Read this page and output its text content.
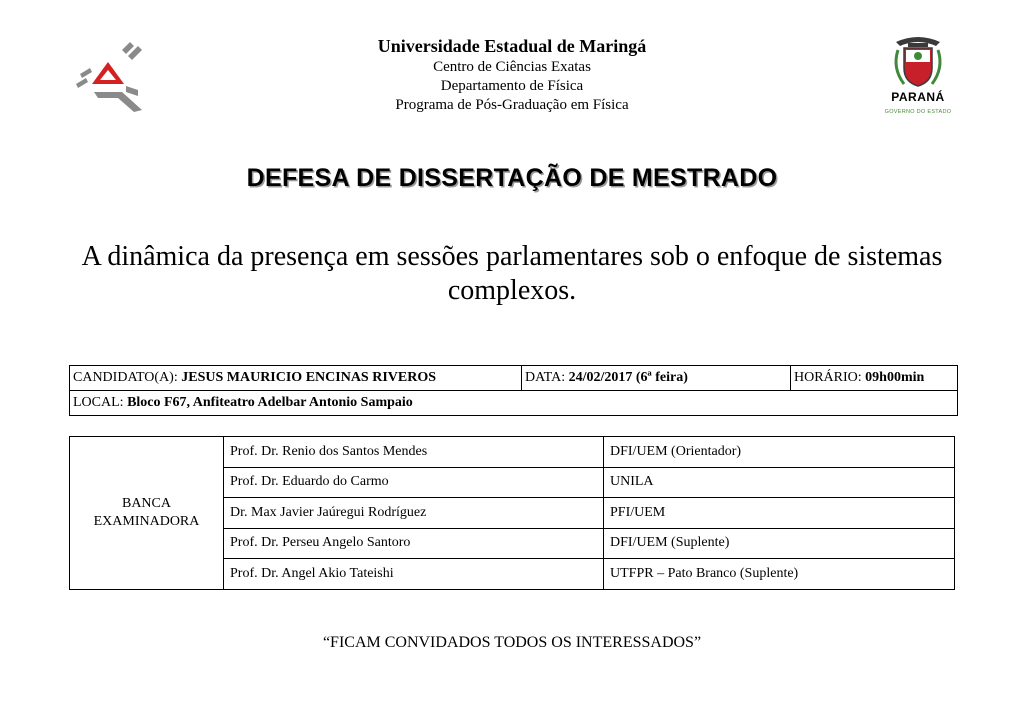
Universidade Estadual de Maringá
Centro de Ciências Exatas
Departamento de Física
Programa de Pós-Graduação em Física	PARANÁ
GOVERNO DO ESTADO
DEFESA DE DISSERTAÇÃO DE MESTRADO
A dinâmica da presença em sessões parlamentares sob o enfoque de sistemas complexos.
CANDIDATO(A): JESUS MAURICIO ENCINAS RIVEROS	DATA: 24/02/2017 (6ª feira)	HORÁRIO: 09h00min
LOCAL: Bloco F67, Anfiteatro Adelbar Antonio Sampaio
BANCA
EXAMINADORA	Prof. Dr. Renio dos Santos Mendes	DFI/UEM (Orientador)
	Prof. Dr. Eduardo do Carmo	UNILA
	Dr. Max Javier Jaúregui Rodríguez	PFI/UEM
	Prof. Dr. Perseu Angelo Santoro	DFI/UEM (Suplente)
	Prof. Dr. Angel Akio Tateishi	UTFPR – Pato Branco (Suplente)
“FICAM CONVIDADOS TODOS OS INTERESSADOS”
